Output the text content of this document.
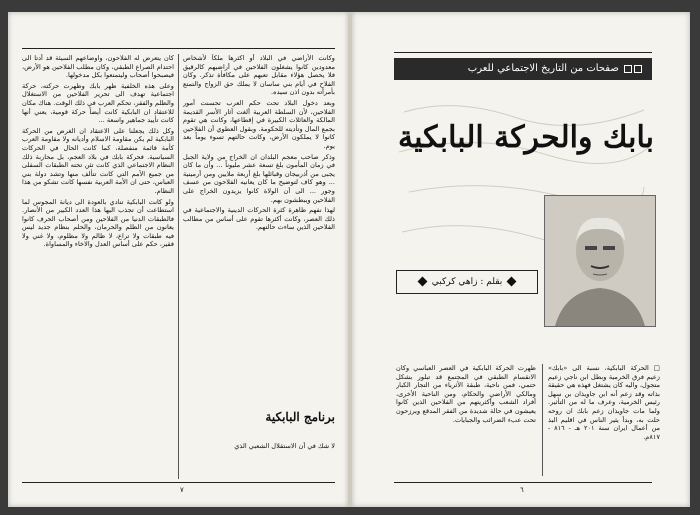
وكانت الأراضي في البلاد أو اكثرها ملكاً لأشخاص معدودين كانوا يشغلون الفلاحين في أراضيهم كالرقيق فلا يحصل هؤلاء مقابل تعبهم على مكافأة تذكر. وكان الفلاح في أيام بني ساسان لا يملك حق الزواج والتمتع بأمرأته بدون اذن سيده.

وبعد دخول البلاد تحت حكم العرب تحسنت أمور الفلاحين، لأن السلطة العربية ألغت آثار الأسر القديمة المالكة والعائلات الكبيرة في إقطاعها، وكانت هي تقوم بجمع المال وتأديته للحكومة. وبقول العطوي أن الفلاحين كانوا لا يملكون الأرض، وكانت حالتهم تسوء يوماً بعد يوم.

وذكر صاحب معجم البلدان ان الخراج من ولاية الجبل في زمان المأمون بلغ تسعة عشر مليوناً ... وأن ما كان يجبى من أذربيجان وقبائلها بلغ أربعة ملايين ومن أرمينية ... وهو كاف لتوضيح ما كان يعانيه الفلاحون من عسف وجور ... الى أن الولاة كانوا يزيدون الخراج على الفلاحين ويبطشون بهم.

لهذا نفهم ظاهرة كثرة الحركات الدينية والاجتماعية في ذلك العصر، وكانت أكثرها تقوم على أساس من مطالب الفلاحين الذين ساءت حالتهم.

برنامج البابكية

لا شك في أن الاستقلال الشعبي الذي

كان يتعرض له الفلاحون، واوضاعهم السيئة قد أدتا الى احتدام الصراع الطبقي، وكان مطلب الفلاحين هو الأرض، فيصبحوا أصحاب وليتمتعوا بكل مدخولها.

وعلى هذه الخلفية ظهر بابك وظهرت حركته، حركة اجتماعية تهدف الى تحرير الفلاحين من الاستغلال والظلم والفقر، تحكم العرب في ذلك الوقت. هناك مكان للاعتقاد ان البابكية كانت أيضاً حركة قومية، يعني أنها كانت تأييد جماهير واسعة ...

وكل ذلك يجعلنا على الاعتقاد ان الغرض من الحركة البابكية لم يكن مقاومة الاسلام وأديانه ولا مقاومة العرب كأمة قائمة منفصلة، كما كانت الحال في الحركات السياسية. فحركة بابك في بلاد العجم، بل محاربة ذلك النظام الاجتماعي الذي كانت تئن تحته الطبقات السفلى من جميع الأمم التي كانت تتألف منها وتشد دولة بني العباس، حتى ان الأمة العربية نفسها كانت تشكو من هذا النظام.

ولو كانت البابكية تنادي بالعودة الى ديانة المجوس لما استطاعت أن تجذب اليها هذا العدد الكبير من الأنصار. فالطبقات الدنيا من الفلاحين ومن أصحاب الحرف كانوا يعانون من الظلم والحرمان، والحلم بنظام جديد ليس فيه طبقات ولا تراع، لا ظالم ولا مظلوم، ولا غني ولا فقير، حكم على أساس العدل والاخاء والمساواة.

٧
صفحات من التاريخ الاجتماعي للعرب
بابك والحركة البابكية
بقلم : زاهي كركبي

□ الحركة البابكية، نسبة الى «بابك» زعيم فرق الخرمية وبطل ابن ناجي زعيم متجول، واليه كان يشتغل فهذه هي حقيقة بذاته وقد زعم أنه ابن جاويذان بن سهل رئيس الخرمية، وعرف ما له من التأثير. ولما مات جاويذان زعم بابك ان روحه حلت به، وبدأ يثير الناس في اقليم البذ من أعمال ايران سنة ٢٠١ هـ - ٨١٦ - ٨١٧م.

ظهرت الحركة البابكية في العصر العباسي وكان الانقسام الطبقي في المجتمع قد تبلور بشكل حتمي، فمن ناحية، طبقة الأثرياء من التجار الكبار ومالكي الأراضي والحكام، ومن الناحية الأخرى، أفراد الشعب وأكثريتهم من الفلاحين الذين كانوا يعيشون في حالة شديدة من الفقر المدقع ويرزحون تحت عبء الضرائب والجبايات.

٦
